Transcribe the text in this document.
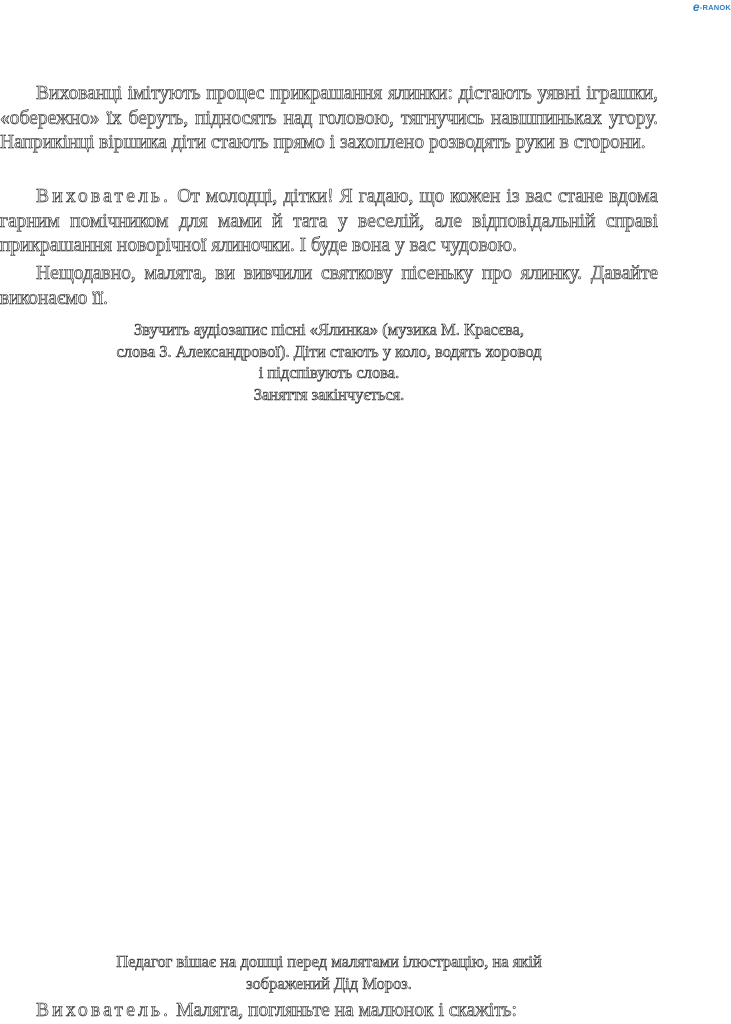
e -RANOK

Вихованці імітують процес прикрашання ялинки: дістають уявні іграшки, «обережно» їх беруть, підносять над головою, тягнучись навшпиньках угору. Наприкінці віршика діти стають прямо і захоплено розводять руки в сторони.

Вихователь. От молодці, дітки! Я гадаю, що кожен із вас стане вдома гарним помічником для мами й тата у веселій, але відповідальній справі прикрашання новорічної ялиночки. І буде вона у вас чудовою.

Нещодавно, малята, ви вивчили святкову пісеньку про ялинку. Давайте виконаємо її.

Звучить аудіозапис пісні «Ялинка» (музика М. Красєва,
слова З. Александрової). Діти стають у коло, водять хоровод
і підспівують слова.
Заняття закінчується.
Педагог вішає на дошці перед малятами ілюстрацію, на якій
зображений Дід Мороз.

Вихователь. Малята, погляньте на малюнок і скажіть:
